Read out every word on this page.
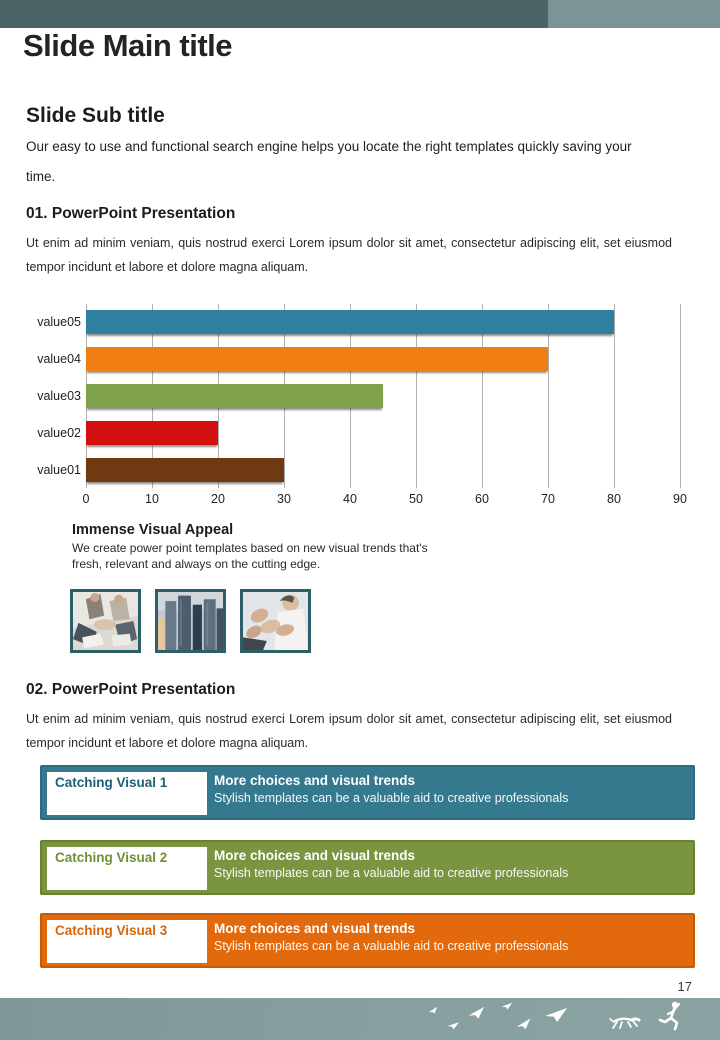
Slide Main title
Slide Sub title

Our easy to use and functional search engine helps you locate the right templates quickly saving your time.

01. PowerPoint Presentation

Ut enim ad minim veniam, quis nostrud exerci Lorem ipsum dolor sit amet, consectetur adipiscing elit, set eiusmod tempor incidunt et labore et dolore magna aliquam.

value05
value04
value03
value02
value01
0	10	20	30	40	50	60	70	80	90
Immense Visual Appeal

We create power point templates based on new visual trends that's fresh, relevant and always on the cutting edge.

02. PowerPoint Presentation

Ut enim ad minim veniam, quis nostrud exerci Lorem ipsum dolor sit amet, consectetur adipiscing elit, set eiusmod tempor incidunt et labore et dolore magna aliquam.

Catching Visual 1	More choices and visual trends
Stylish templates can be a valuable aid to creative professionals
Catching Visual 2	More choices and visual trends
Stylish templates can be a valuable aid to creative professionals
Catching Visual 3	More choices and visual trends
Stylish templates can be a valuable aid to creative professionals
17
